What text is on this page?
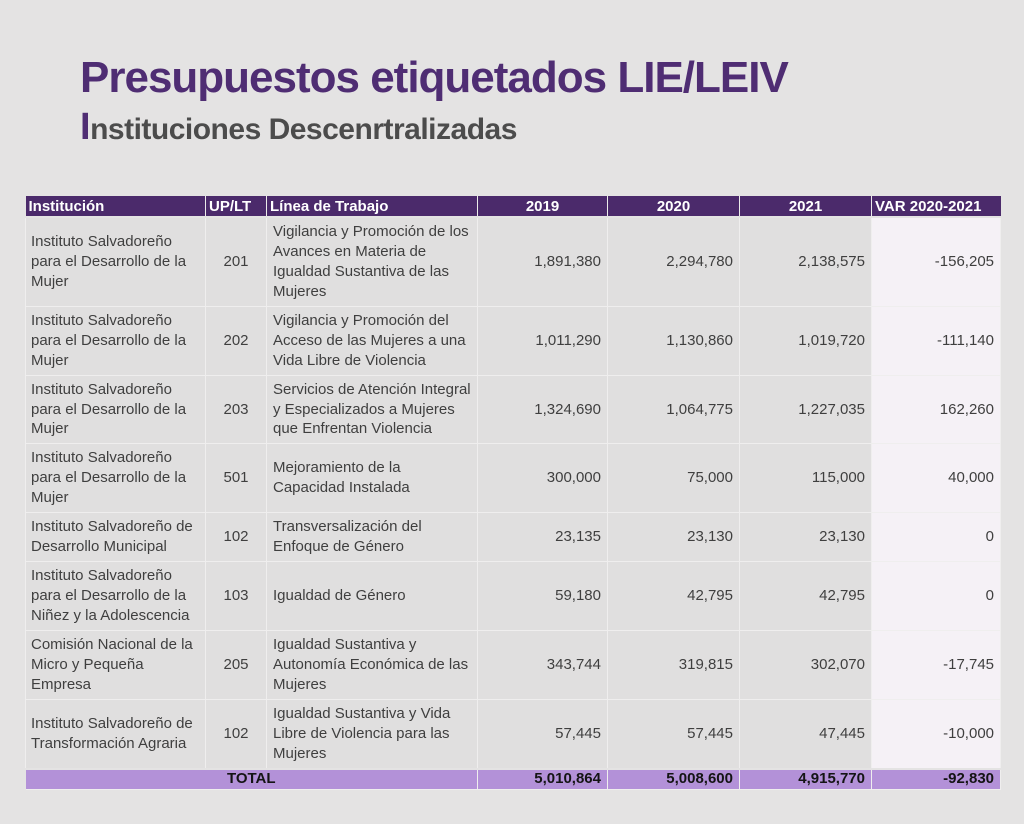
Presupuestos etiquetados LIE/LEIV
Instituciones Descenrtralizadas
Institución	UP/LT	Línea de Trabajo	2019	2020	2021	VAR 2020-2021
Instituto Salvadoreño para el Desarrollo de la Mujer	201	Vigilancia y Promoción de los Avances en Materia de Igualdad Sustantiva de las Mujeres	1,891,380	2,294,780	2,138,575	-156,205
Instituto Salvadoreño para el Desarrollo de la Mujer	202	Vigilancia y Promoción del Acceso de las Mujeres a una Vida Libre de Violencia	1,011,290	1,130,860	1,019,720	-111,140
Instituto Salvadoreño para el Desarrollo de la Mujer	203	Servicios de Atención Integral y Especializados a Mujeres que Enfrentan Violencia	1,324,690	1,064,775	1,227,035	162,260
Instituto Salvadoreño para el Desarrollo de la Mujer	501	Mejoramiento de la Capacidad Instalada	300,000	75,000	115,000	40,000
Instituto Salvadoreño de Desarrollo Municipal	102	Transversalización del Enfoque de Género	23,135	23,130	23,130	0
Instituto Salvadoreño para el Desarrollo de la Niñez y la Adolescencia	103	Igualdad de Género	59,180	42,795	42,795	0
Comisión Nacional de la Micro y Pequeña Empresa	205	Igualdad Sustantiva y Autonomía Económica de las Mujeres	343,744	319,815	302,070	-17,745
Instituto Salvadoreño de Transformación Agraria	102	Igualdad Sustantiva y Vida Libre de Violencia para las Mujeres	57,445	57,445	47,445	-10,000
TOTAL			5,010,864	5,008,600	4,915,770	-92,830
